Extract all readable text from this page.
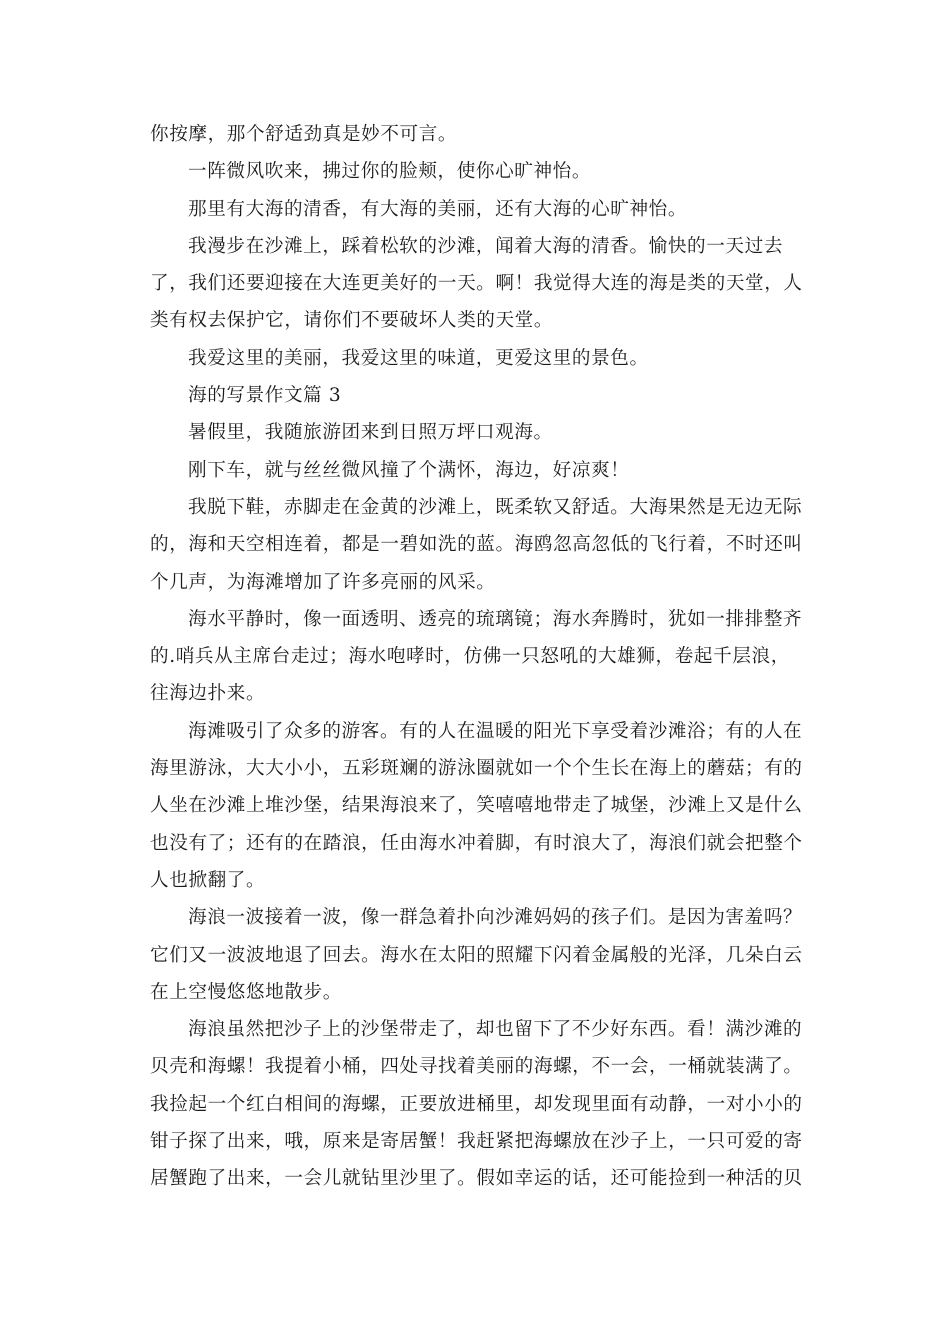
你按摩，那个舒适劲真是妙不可言。
一阵微风吹来，拂过你的脸颊，使你心旷神怡。
那里有大海的清香，有大海的美丽，还有大海的心旷神怡。
我漫步在沙滩上，踩着松软的沙滩，闻着大海的清香。愉快的一天过去
了，我们还要迎接在大连更美好的一天。啊！我觉得大连的海是类的天堂，人
类有权去保护它，请你们不要破坏人类的天堂。
我爱这里的美丽，我爱这里的味道，更爱这里的景色。
海的写景作文篇 3
暑假里，我随旅游团来到日照万坪口观海。
刚下车，就与丝丝微风撞了个满怀，海边，好凉爽！
我脱下鞋，赤脚走在金黄的沙滩上，既柔软又舒适。大海果然是无边无际
的，海和天空相连着，都是一碧如洗的蓝。海鸥忽高忽低的飞行着，不时还叫
个几声，为海滩增加了许多亮丽的风采。
海水平静时，像一面透明、透亮的琉璃镜；海水奔腾时，犹如一排排整齐
的.哨兵从主席台走过；海水咆哮时，仿佛一只怒吼的大雄狮，卷起千层浪，
往海边扑来。
海滩吸引了众多的游客。有的人在温暖的阳光下享受着沙滩浴；有的人在
海里游泳，大大小小，五彩斑斓的游泳圈就如一个个生长在海上的蘑菇；有的
人坐在沙滩上堆沙堡，结果海浪来了，笑嘻嘻地带走了城堡，沙滩上又是什么
也没有了；还有的在踏浪，任由海水冲着脚，有时浪大了，海浪们就会把整个
人也掀翻了。
海浪一波接着一波，像一群急着扑向沙滩妈妈的孩子们。是因为害羞吗？
它们又一波波地退了回去。海水在太阳的照耀下闪着金属般的光泽，几朵白云
在上空慢悠悠地散步。
海浪虽然把沙子上的沙堡带走了，却也留下了不少好东西。看！满沙滩的
贝壳和海螺！我提着小桶，四处寻找着美丽的海螺，不一会，一桶就装满了。
我捡起一个红白相间的海螺，正要放进桶里，却发现里面有动静，一对小小的
钳子探了出来，哦，原来是寄居蟹！我赶紧把海螺放在沙子上，一只可爱的寄
居蟹跑了出来，一会儿就钻里沙里了。假如幸运的话，还可能捡到一种活的贝
